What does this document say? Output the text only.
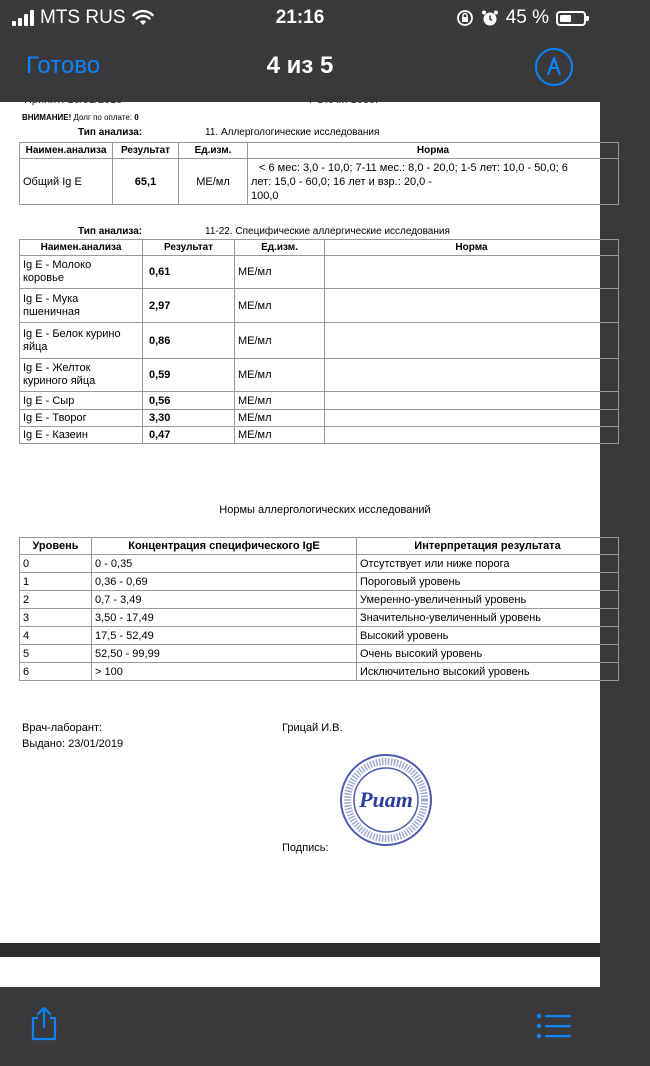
MTS RUS	21:16	45 %
Готово	4 из 5
Принят: 16/01/2019	РОКАМ 1030Г
ВНИМАНИЕ! Долг по оплате: 0
Тип анализа:	11. Аллергологические исследования
Наимен.анализа	Результат	Ед.изм.	Норма
Общий Ig E	65,1	МЕ/мл	< 6 мес: 3,0 - 10,0; 7-11 мес.: 8,0 - 20,0; 1-5 лет: 10,0 - 50,0; 6
лет: 15,0 - 60,0; 16 лет и взр.: 20,0 -
100,0
Тип анализа:	11-22. Специфические аллергические исследования
Наимен.анализа	Результат	Ед.изм.	Норма

Ig E - Молоко
коровье	0,61	МЕ/мл	

Ig E - Мука
пшеничная	2,97	МЕ/мл	

Ig E - Белок курино
яйца	0,86	МЕ/мл	

Ig E - Желток
куриного яйца	0,59	МЕ/мл	
Ig E - Сыр	0,56	МЕ/мл	
Ig E - Творог	3,30	МЕ/мл	
Ig E - Казеин	0,47	МЕ/мл	
Нормы аллергологических исследований
Уровень	Концентрация специфического IgE	Интерпретация результата
0	0 - 0,35	Отсутствует или ниже порога
1	0,36 - 0,69	Пороговый уровень
2	0,7 - 3,49	Умеренно-увеличенный уровень
3	3,50 - 17,49	Значительно-увеличенный уровень
4	17,5 - 52,49	Высокий уровень
5	52,50 - 99,99	Очень высокий уровень
6	> 100	Исключительно высокий уровень
Врач-лаборант:	Грицай И.В.
Выдано: 23/01/2019
Подпись:
Риат
